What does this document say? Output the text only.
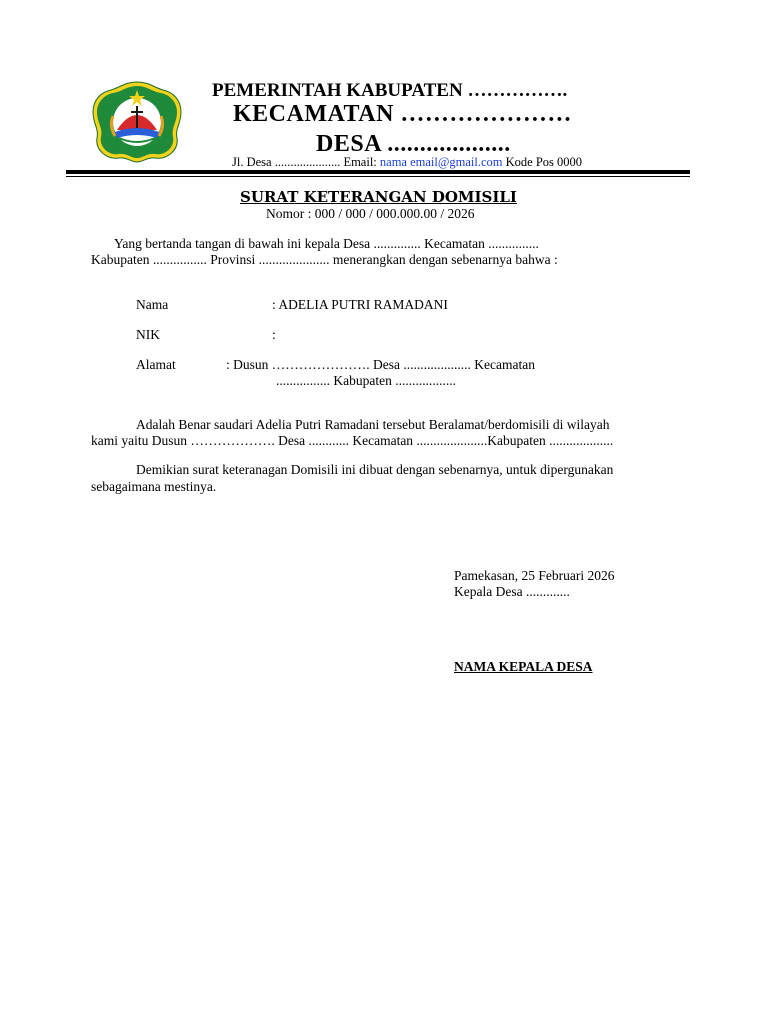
PEMERINTAH KABUPATEN …………….
KECAMATAN …………………
DESA ...................
Jl. Desa ..................... Email: nama email@gmail.com Kode Pos 0000
SURAT KETERANGAN DOMISILI
Nomor : 000 / 000 / 000.000.00 / 2026
Yang bertanda tangan di bawah ini kepala Desa .............. Kecamatan ...............
Kabupaten ................ Provinsi ..................... menerangkan dengan sebenarnya bahwa :
Nama	: ADELIA PUTRI RAMADANI
NIK	:
Alamat	: Dusun …………………. Desa .................... Kecamatan
................ Kabupaten ..................
Adalah Benar saudari Adelia Putri Ramadani tersebut Beralamat/berdomisili di wilayah
kami yaitu Dusun ………………. Desa ............ Kecamatan .....................Kabupaten ...................
Demikian surat keteranagan Domisili ini dibuat dengan sebenarnya, untuk dipergunakan
sebagaimana mestinya.
Pamekasan, 25 Februari 2026
Kepala Desa .............
NAMA KEPALA DESA
